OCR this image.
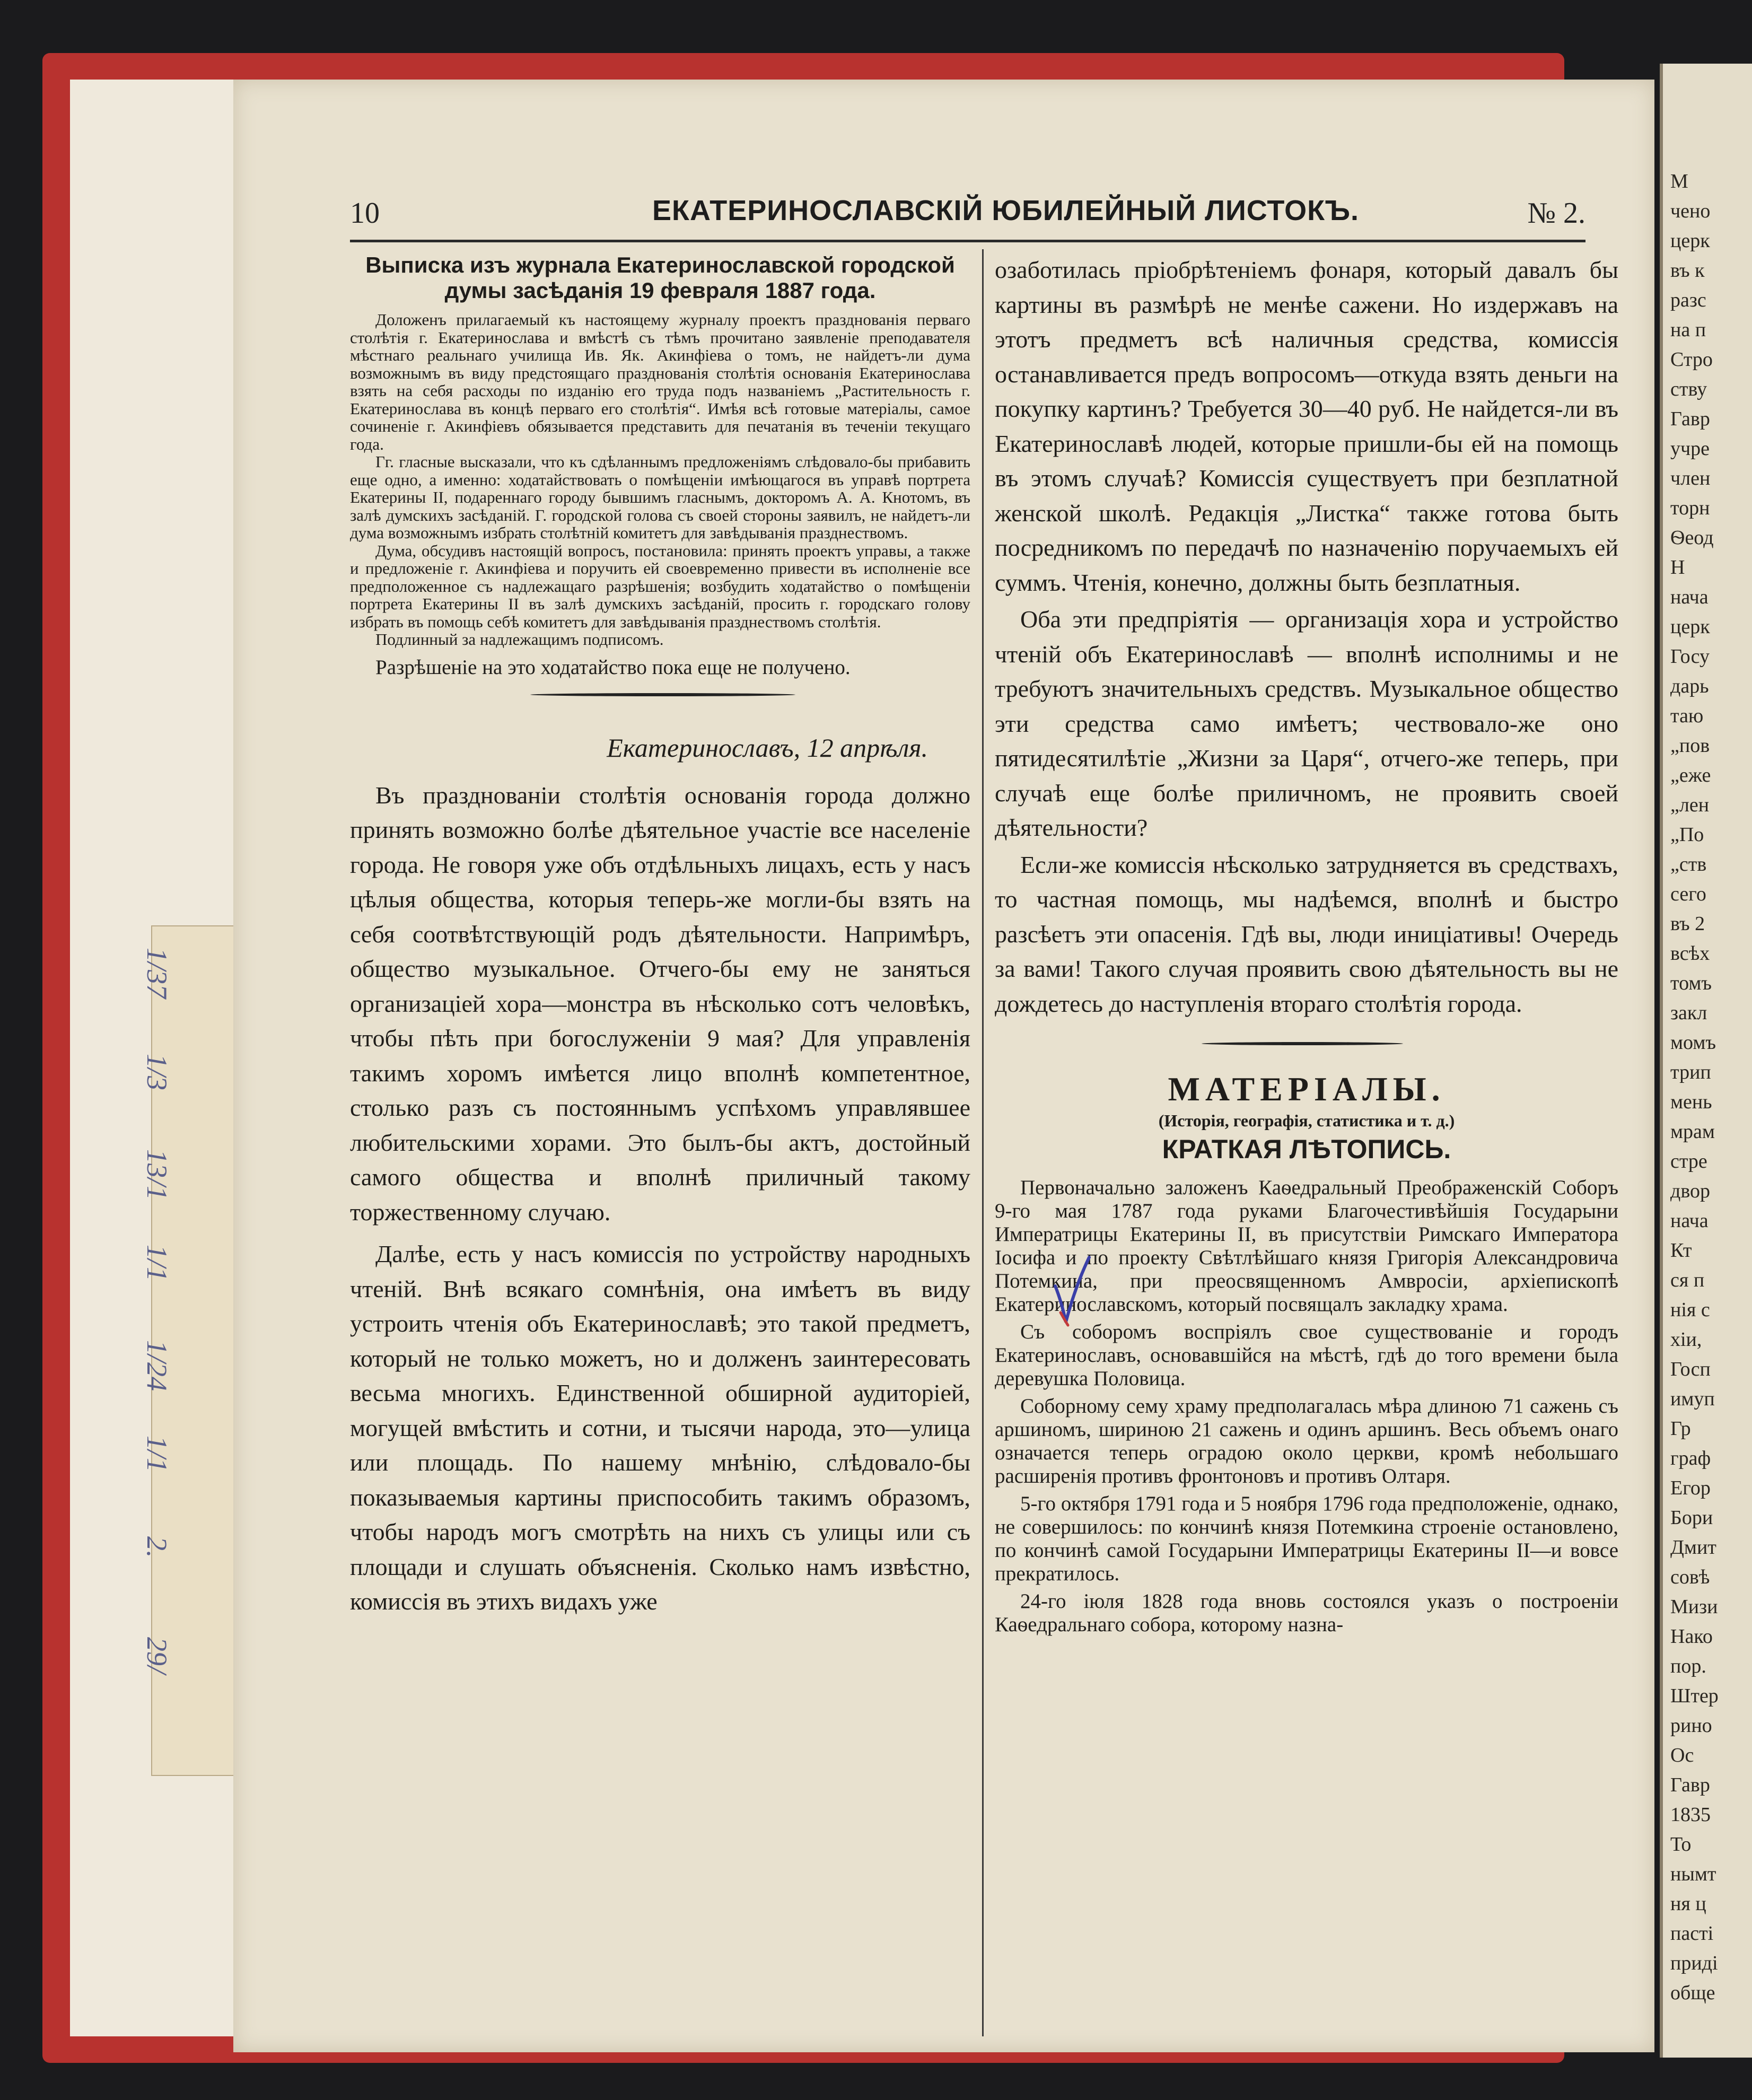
1/37
1/3
13/1
1/1
1/24
1/1
2.
29/
М
чено
церк
въ к
разс
на п
Стро
ству
Гавр
учре
член
торн
Ѳеод
Н
нача
церк
Госу
дарь
таю
„пов
„еже
„лен
„По
„ств
сего
въ 2
всѣх
томъ
закл
момъ
трип
мень
мрам
стре
двор
нача
Кт
ся п
нія с
хіи,
Госп
имуп
Гр
граф
Егор
Бори
Дмит
совѣ
Мизи
Нако
пор.
Штер
рино
Ос
Гавр
1835
То
нымт
ня ц
пасті
приді
обще
10	ЕКАТЕРИНОСЛАВСКІЙ ЮБИЛЕЙНЫЙ ЛИСТОКЪ.	№ 2.

Выписка изъ журнала Екатеринославской городской думы засѣданія 19 февраля 1887 года.

Доложенъ прилагаемый къ настоящему журналу проектъ празднованія перваго столѣтія г. Екатеринослава и вмѣстѣ съ тѣмъ прочитано заявленіе преподавателя мѣстнаго реальнаго училища Ив. Як. Акинфіева о томъ, не найдетъ-ли дума возможнымъ въ виду предстоящаго празднованія столѣтія основанія Екатеринослава взять на себя расходы по изданію его труда подъ названіемъ „Растительность г. Екатеринослава въ концѣ перваго его столѣтія“. Имѣя всѣ готовые матеріалы, самое сочиненіе г. Акинфіевъ обязывается представить для печатанія въ теченіи текущаго года.

Гг. гласные высказали, что къ сдѣланнымъ предложеніямъ слѣдовало-бы прибавить еще одно, а именно: ходатайствовать о помѣщеніи имѣющагося въ управѣ портрета Екатерины II, подареннаго городу бывшимъ гласнымъ, докторомъ А. А. Кнотомъ, въ залѣ думскихъ засѣданій. Г. городской голова съ своей стороны заявилъ, не найдетъ-ли дума возможнымъ избрать столѣтній комитетъ для завѣдыванія празднествомъ.

Дума, обсудивъ настоящій вопросъ, постановила: принять проектъ управы, а также и предложеніе г. Акинфіева и поручить ей своевременно привести въ исполненіе все предположенное съ надлежащаго разрѣшенія; возбудить ходатайство о помѣщеніи портрета Екатерины II въ залѣ думскихъ засѣданій, просить г. городскаго голову избрать въ помощь себѣ комитетъ для завѣдыванія празднествомъ столѣтія.

Подлинный за надлежащимъ подписомъ.

Разрѣшеніе на это ходатайство пока еще не получено.

Екатеринославъ, 12 апрѣля.

Въ празднованіи столѣтія основанія города должно принять возможно болѣе дѣятельное участіе все населеніе города. Не говоря уже объ отдѣльныхъ лицахъ, есть у насъ цѣлыя общества, которыя теперь-же могли-бы взять на себя соотвѣтствующій родъ дѣятельности. Напримѣръ, общество музыкальное. Отчего-бы ему не заняться организаціей хора—монстра въ нѣсколько сотъ человѣкъ, чтобы пѣть при богослуженіи 9 мая? Для управленія такимъ хоромъ имѣется лицо вполнѣ компетентное, столько разъ съ постояннымъ успѣхомъ управлявшее любительскими хорами. Это былъ-бы актъ, достойный самого общества и вполнѣ приличный такому торжественному случаю.

Далѣе, есть у насъ комиссія по устройству народныхъ чтеній. Внѣ всякаго сомнѣнія, она имѣетъ въ виду устроить чтенія объ Екатеринославѣ; это такой предметъ, который не только можетъ, но и долженъ заинтересовать весьма многихъ. Единственной обширной аудиторіей, могущей вмѣстить и сотни, и тысячи народа, это—улица или площадь. По нашему мнѣнію, слѣдовало-бы показываемыя картины приспособить такимъ образомъ, чтобы народъ могъ смотрѣть на нихъ съ улицы или съ площади и слушать объясненія. Сколько намъ извѣстно, комиссія въ этихъ видахъ уже

озаботилась пріобрѣтеніемъ фонаря, который давалъ бы картины въ размѣрѣ не менѣе сажени. Но издержавъ на этотъ предметъ всѣ наличныя средства, комиссія останавливается предъ вопросомъ—откуда взять деньги на покупку картинъ? Требуется 30—40 руб. Не найдется-ли въ Екатеринославѣ людей, которые пришли-бы ей на помощь въ этомъ случаѣ? Комиссія существуетъ при безплатной женской школѣ. Редакція „Листка“ также готова быть посредникомъ по передачѣ по назначенію поручаемыхъ ей суммъ. Чтенія, конечно, должны быть безплатныя.

Оба эти предпріятія — организація хора и устройство чтеній объ Екатеринославѣ — вполнѣ исполнимы и не требуютъ значительныхъ средствъ. Музыкальное общество эти средства само имѣетъ; чествовало-же оно пятидесятилѣтіе „Жизни за Царя“, отчего-же теперь, при случаѣ еще болѣе приличномъ, не проявить своей дѣятельности?

Если-же комиссія нѣсколько затрудняется въ средствахъ, то частная помощь, мы надѣемся, вполнѣ и быстро разсѣетъ эти опасенія. Гдѣ вы, люди иниціативы! Очередь за вами! Такого случая проявить свою дѣятельность вы не дождетесь до наступленія втораго столѣтія города.

МАТЕРІАЛЫ.

(Исторія, географія, статистика и т. д.)

КРАТКАЯ ЛѢТОПИСЬ.

Первоначально заложенъ Каѳедральный Преображенскій Соборъ 9-го мая 1787 года руками Благочестивѣйшія Государыни Императрицы Екатерины II, въ присутствіи Римскаго Императора Іосифа и по проекту Свѣтлѣйшаго князя Григорія Александровича Потемкина, при преосвященномъ Амвросіи, архіепископѣ Екатеринославскомъ, который посвящалъ закладку храма.

Съ соборомъ воспріялъ свое существованіе и городъ Екатеринославъ, основавшійся на мѣстѣ, гдѣ до того времени была деревушка Половица.

Соборному сему храму предполагалась мѣра длиною 71 сажень съ аршиномъ, шириною 21 сажень и одинъ аршинъ. Весь объемъ онаго означается теперь оградою около церкви, кромѣ небольшаго расширенія противъ фронтоновъ и противъ Олтаря.

5-го октября 1791 года и 5 ноября 1796 года предположеніе, однако, не совершилось: по кончинѣ князя Потемкина строеніе остановлено, по кончинѣ самой Государыни Императрицы Екатерины II—и вовсе прекратилось.

24-го іюля 1828 года вновь состоялся указъ о построеніи Каѳедральнаго собора, которому назна-
